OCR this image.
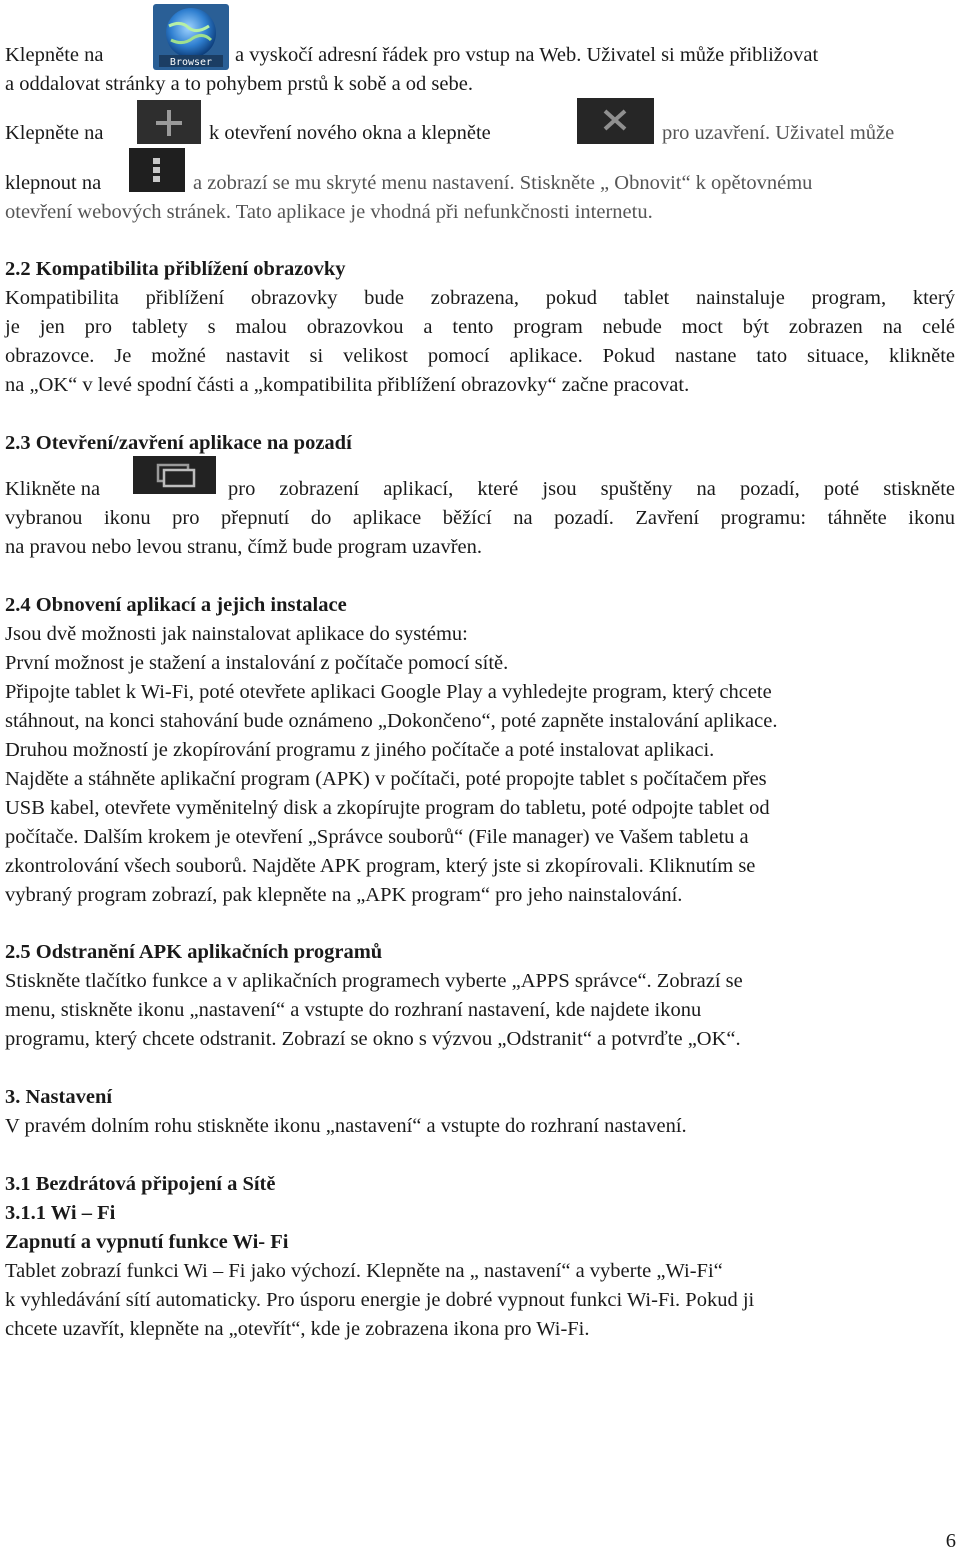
Klepněte na	Browser a vyskočí adresní řádek pro vstup na Web. Uživatel si může přibližovat
a oddalovat stránky a to pohybem prstů k sobě a od sebe.
Klepněte na	k otevření nového okna a klepněte	pro uzavření. Uživatel může
klepnout na	a zobrazí se mu skryté menu nastavení. Stiskněte „ Obnovit“ k opětovnému
otevření webových stránek. Tato aplikace je vhodná při nefunkčnosti internetu.
2.2 Kompatibilita přiblížení obrazovky
Kompatibilita přiblížení obrazovky bude zobrazena, pokud tablet nainstaluje program, který
je jen pro tablety s malou obrazovkou a tento program nebude moct být zobrazen na celé
obrazovce. Je možné nastavit si velikost pomocí aplikace. Pokud nastane tato situace, klikněte
na „OK“ v levé spodní části a „kompatibilita přiblížení obrazovky“ začne pracovat.
2.3 Otevření/zavření aplikace na pozadí
Klikněte na	pro zobrazení aplikací, které jsou spuštěny na pozadí, poté stiskněte
vybranou ikonu pro přepnutí do aplikace běžící na pozadí. Zavření programu: táhněte ikonu
na pravou nebo levou stranu, čímž bude program uzavřen.
2.4 Obnovení aplikací a jejich instalace
Jsou dvě možnosti jak nainstalovat aplikace do systému:
První možnost je stažení a instalování z počítače pomocí sítě.
Připojte tablet k Wi-Fi, poté otevřete aplikaci Google Play a vyhledejte program, který chcete
stáhnout, na konci stahování bude oznámeno „Dokončeno“, poté zapněte instalování aplikace.
Druhou možností je zkopírování programu z jiného počítače a poté instalovat aplikaci.
Najděte a stáhněte aplikační program (APK) v počítači, poté propojte tablet s počítačem přes
USB kabel, otevřete vyměnitelný disk a zkopírujte program do tabletu, poté odpojte tablet od
počítače. Dalším krokem je otevření „Správce souborů“ (File manager) ve Vašem tabletu a
zkontrolování všech souborů. Najděte APK program, který jste si zkopírovali. Kliknutím se
vybraný program zobrazí, pak klepněte na „APK program“ pro jeho nainstalování.
2.5 Odstranění APK aplikačních programů
Stiskněte tlačítko funkce a v aplikačních programech vyberte „APPS správce“. Zobrazí se
menu, stiskněte ikonu „nastavení“ a vstupte do rozhraní nastavení, kde najdete ikonu
programu, který chcete odstranit. Zobrazí se okno s výzvou „Odstranit“ a potvrďte „OK“.
3. Nastavení
V pravém dolním rohu stiskněte ikonu „nastavení“ a vstupte do rozhraní nastavení.
3.1 Bezdrátová připojení a Sítě
3.1.1 Wi – Fi
Zapnutí a vypnutí funkce Wi- Fi
Tablet zobrazí funkci Wi – Fi jako výchozí. Klepněte na „ nastavení“ a vyberte „Wi-Fi“
k vyhledávání sítí automaticky. Pro úsporu energie je dobré vypnout funkci Wi-Fi. Pokud ji
chcete uzavřít, klepněte na „otevřít“, kde je zobrazena ikona pro Wi-Fi.
6
